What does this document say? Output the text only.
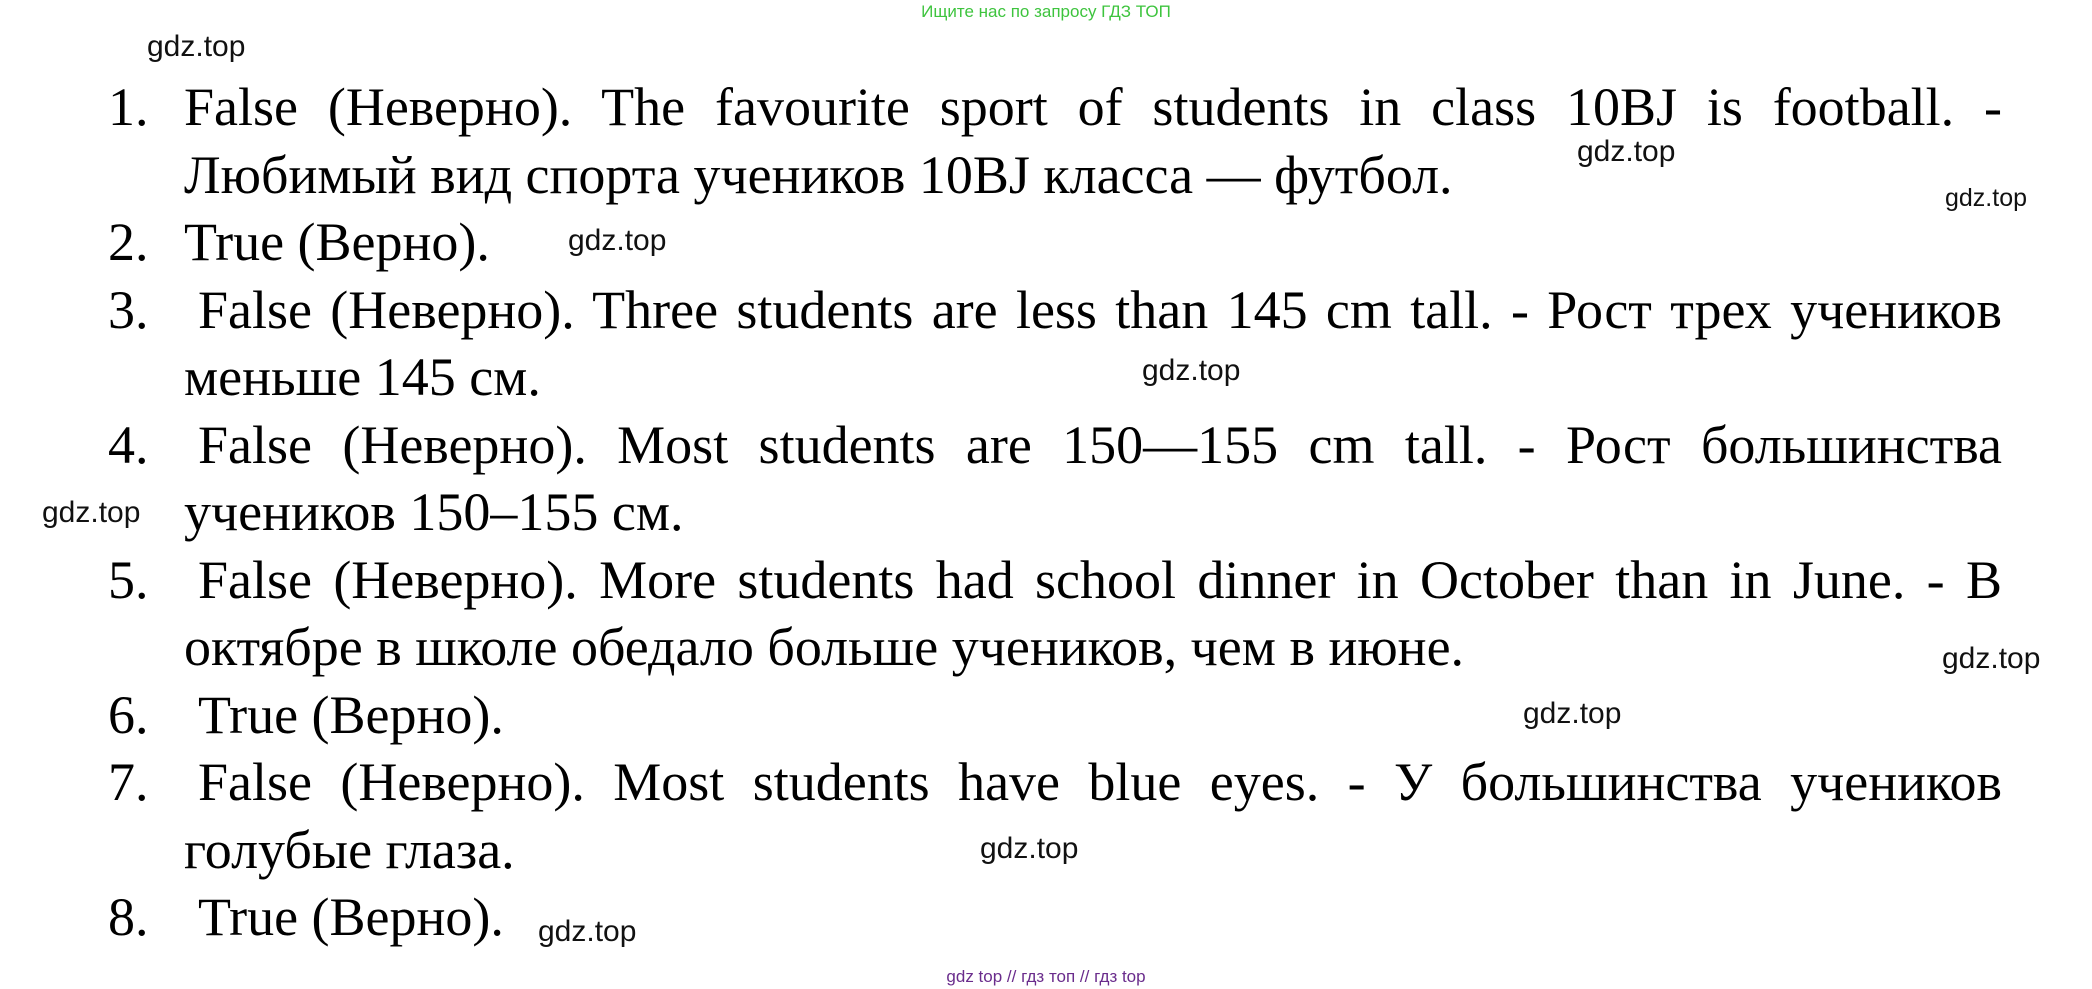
Ищите нас по запросу ГДЗ ТОП
1. False (Неверно). The favourite sport of students in class 10BJ is football. - Любимый вид спорта учеников 10BJ класса — футбол.
2. True (Верно).
3. False (Неверно). Three students are less than 145 cm tall. - Рост трех учеников меньше 145 см.
4. False (Неверно). Most students are 150—155 cm tall. - Рост большинства учеников 150–155 см.
5. False (Неверно). More students had school dinner in October than in June. - В октябре в школе обедало больше учеников, чем в июне.
6. True (Верно).
7. False (Неверно). Most students have blue eyes. - У большинства учеников голубые глаза.
8. True (Верно).
gdz.top
gdz.top
gdz.top
gdz.top
gdz.top
gdz.top
gdz.top
gdz.top
gdz.top
gdz.top
gdz top // гдз топ // гдз top
